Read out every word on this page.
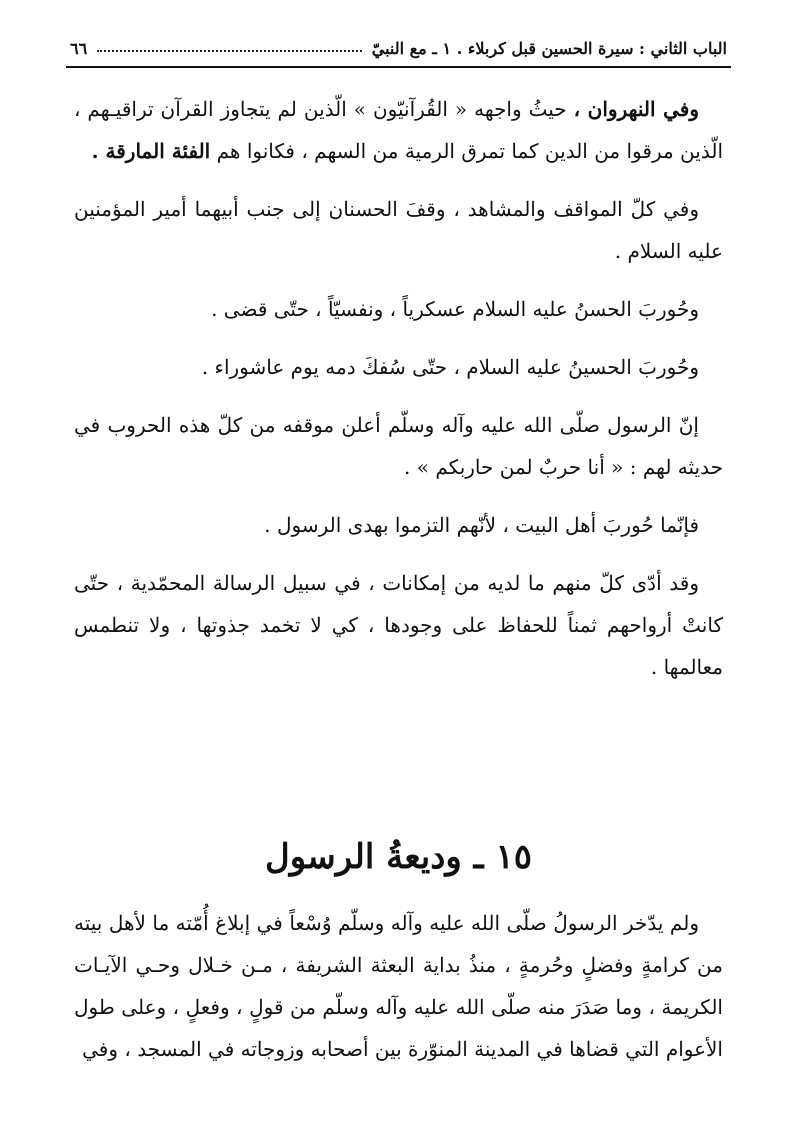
الباب الثاني : سيرة الحسين قبل كربلاء . ١ ـ مع النبيّ
٦٦

وفي النهروان ، حيثُ واجهه « القُرآنيّون » الّذين لم يتجاوز القرآن تراقيـهم ، الّذين مرقوا من الدين كما تمرق الرمية من السهم ، فكانوا هم الفئة المارقة .

وفي كلّ المواقف والمشاهد ، وقفَ الحسنان إلى جنب أبيهما أمير المؤمنين عليه السلام .

وحُوربَ الحسنُ عليه السلام عسكرياً ، ونفسيّاً ، حتّى قضى .

وحُوربَ الحسينُ عليه السلام ، حتّى سُفكَ دمه يوم عاشوراء .

إنّ الرسول صلّى الله عليه وآله وسلّم أعلن موقفه من كلّ هذه الحروب في حديثه لهم : « أنا حربٌ لمن حاربكم » .

فإنّما حُوربَ أهل البيت ، لأنّهم التزموا بهدى الرسول .

وقد أدّى كلّ منهم ما لديه من إمكانات ، في سبيل الرسالة المحمّدية ، حتّى كانتْ أرواحهم ثمناً للحفاظ على وجودها ، كي لا تخمد جذوتها ، ولا تنطمس معالمها .

١٥ ـ وديعةُ الرسول

ولم يدّخر الرسولُ صلّى الله عليه وآله وسلّم وُسْعاً في إبلاغ أُمّته ما لأهل بيته من كرامةٍ وفضلٍ وحُرمةٍ ، منذُ بداية البعثة الشريفة ، مـن خـلال وحـي الآيـات الكريمة ، وما صَدَرَ منه صلّى الله عليه وآله وسلّم من قولٍ ، وفعلٍ ، وعلى طول الأعوام التي قضاها في المدينة المنوّرة بين أصحابه وزوجاته في المسجد ، وفي
